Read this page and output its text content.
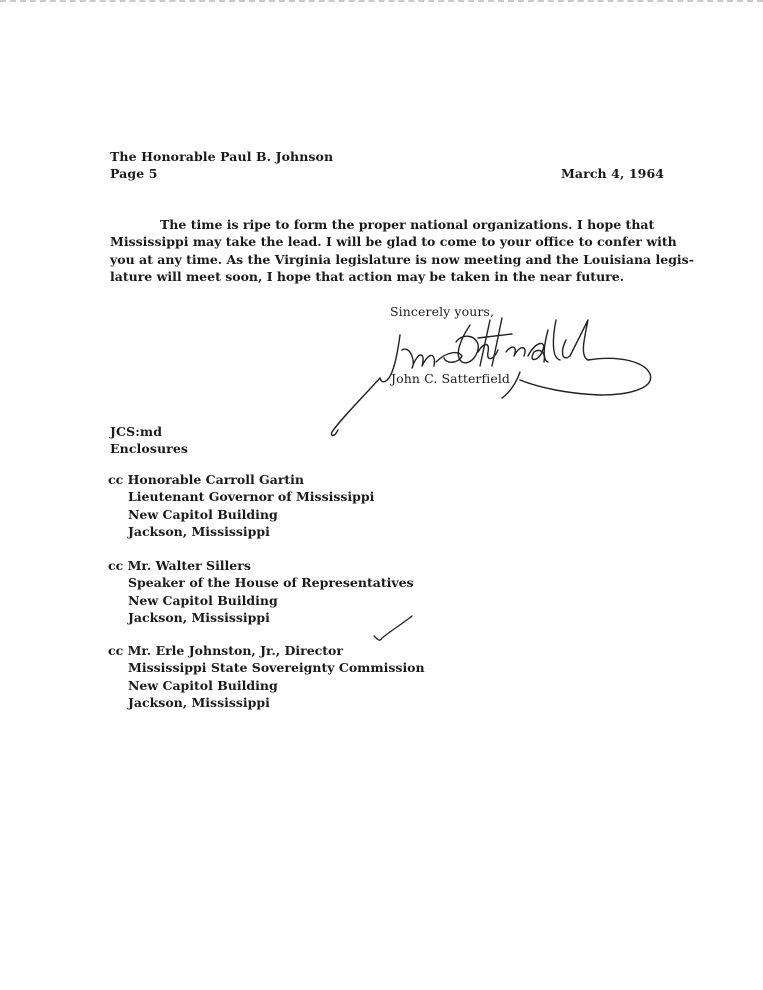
The Honorable Paul B. Johnson
Page 5	March 4, 1964
The time is ripe to form the proper national organizations. I hope that
Mississippi may take the lead. I will be glad to come to your office to confer with
you at any time. As the Virginia legislature is now meeting and the Louisiana legis-
lature will meet soon, I hope that action may be taken in the near future.
Sincerely yours,
John C. Satterfield
JCS:md
Enclosures
cc Honorable Carroll Gartin
Lieutenant Governor of Mississippi
New Capitol Building
Jackson, Mississippi
cc Mr. Walter Sillers
Speaker of the House of Representatives
New Capitol Building
Jackson, Mississippi
cc Mr. Erle Johnston, Jr., Director
Mississippi State Sovereignty Commission
New Capitol Building
Jackson, Mississippi
